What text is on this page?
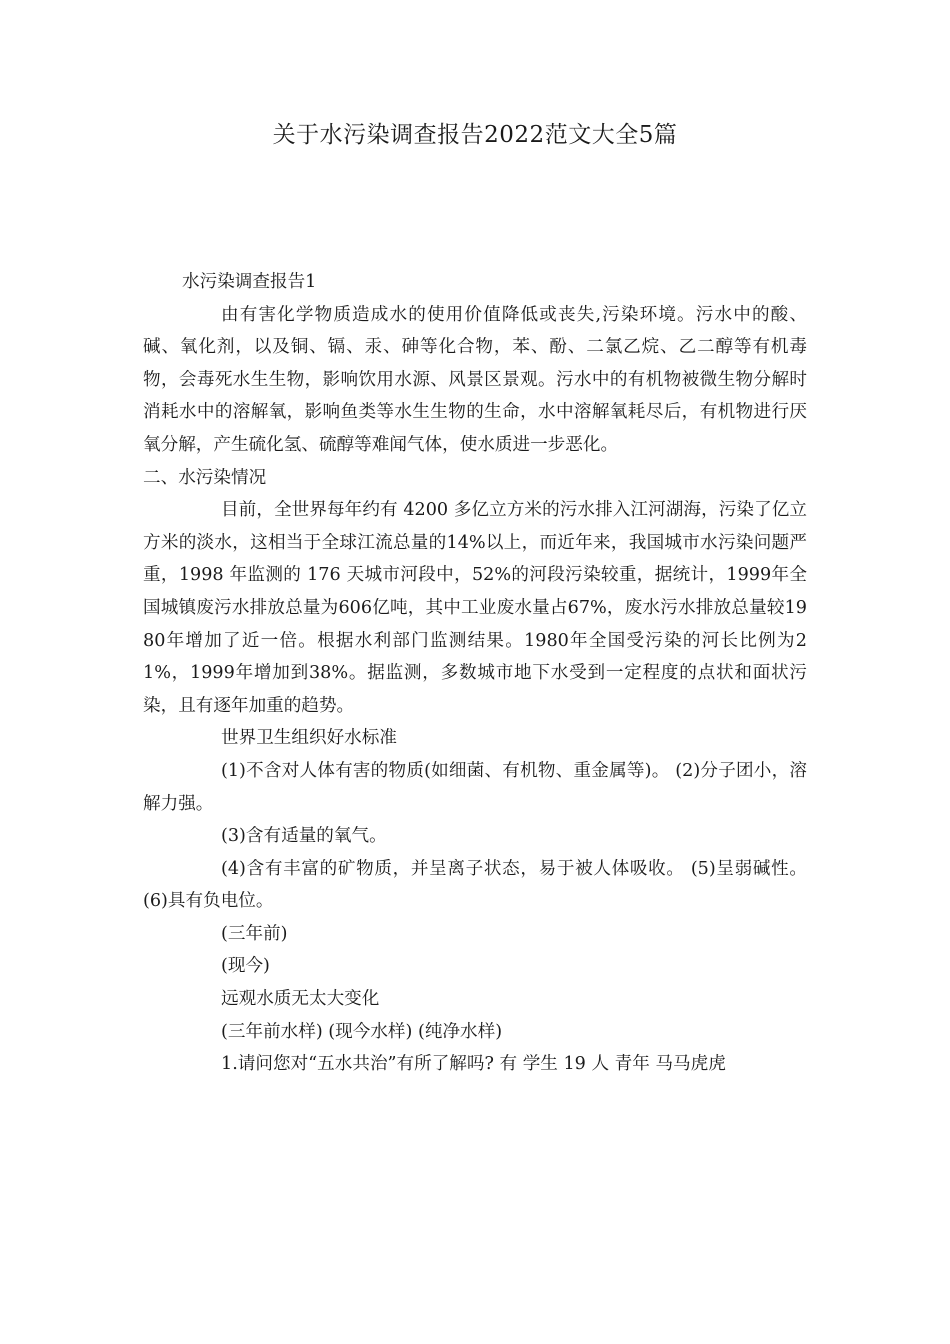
关于水污染调查报告2022范文大全5篇

水污染调查报告1

由有害化学物质造成水的使用价值降低或丧失,污染环境。污水中的酸、碱、氧化剂，以及铜、镉、汞、砷等化合物，苯、酚、二氯乙烷、乙二醇等有机毒物，会毒死水生生物，影响饮用水源、风景区景观。污水中的有机物被微生物分解时消耗水中的溶解氧，影响鱼类等水生生物的生命，水中溶解氧耗尽后，有机物进行厌氧分解，产生硫化氢、硫醇等难闻气体，使水质进一步恶化。

二、水污染情况

目前，全世界每年约有 4200 多亿立方米的污水排入江河湖海，污染了亿立方米的淡水，这相当于全球江流总量的14%以上，而近年来，我国城市水污染问题严重，1998 年监测的 176 天城市河段中，52%的河段污染较重，据统计，1999年全国城镇废污水排放总量为606亿吨，其中工业废水量占67%，废水污水排放总量较1980年增加了近一倍。根据水利部门监测结果。1980年全国受污染的河长比例为21%，1999年增加到38%。据监测，多数城市地下水受到一定程度的点状和面状污染，且有逐年加重的趋势。

世界卫生组织好水标准

(1)不含对人体有害的物质(如细菌、有机物、重金属等)。 (2)分子团小，溶解力强。

(3)含有适量的氧气。

(4)含有丰富的矿物质，并呈离子状态，易于被人体吸收。 (5)呈弱碱性。 (6)具有负电位。

(三年前)

(现今)

远观水质无太大变化

(三年前水样) (现今水样) (纯净水样)

1.请问您对“五水共治”有所了解吗? 有 学生 19 人 青年 马马虎虎
